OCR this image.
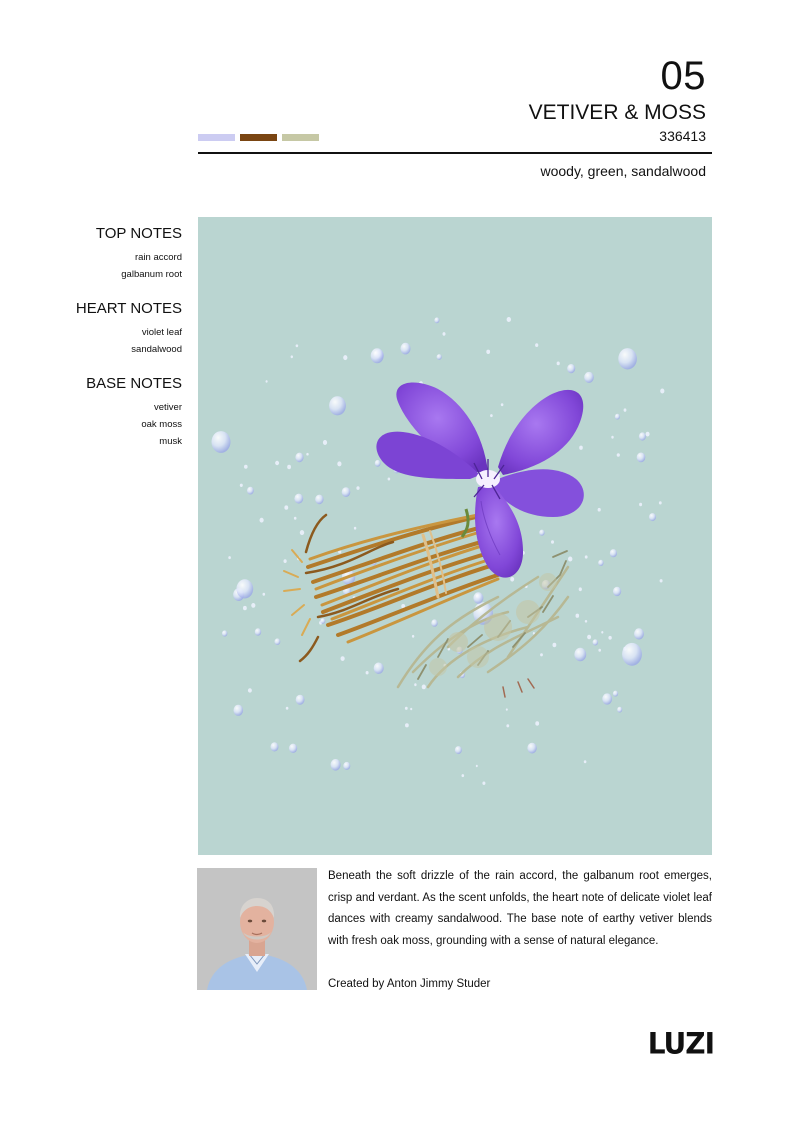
05
VETIVER & MOSS
336413
woody, green, sandalwood
TOP NOTES
rain accord
galbanum root
HEART NOTES
violet leaf
sandalwood
BASE NOTES
vetiver
oak moss
musk

Beneath the soft drizzle of the rain accord, the galbanum root emerges, crisp and verdant. As the scent unfolds, the heart note of delicate violet leaf dances with creamy sandalwood. The base note of earthy vetiver blends with fresh oak moss, grounding with a sense of natural elegance.

Created by Anton Jimmy Studer
LUZI
